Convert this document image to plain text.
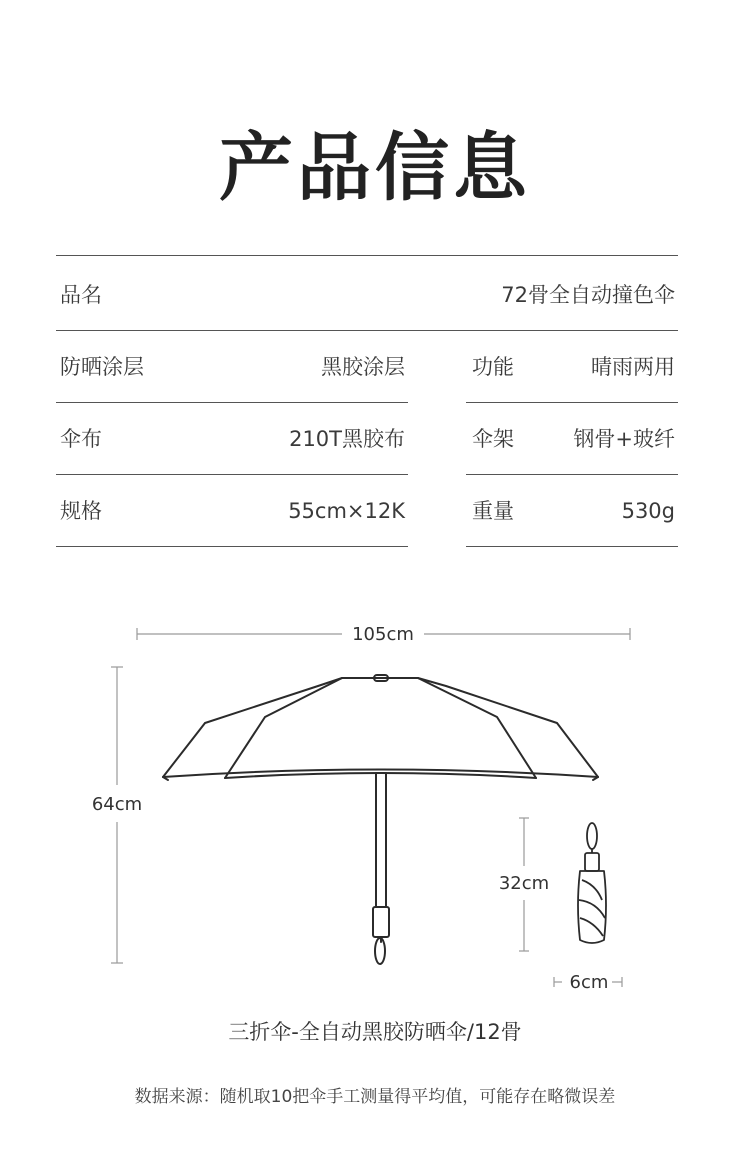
产品信息
品名	72骨全自动撞色伞
防晒涂层	黑胶涂层	功能	晴雨两用
伞布	210T黑胶布	伞架	钢骨+玻纤
规格	55cm×12K	重量	530g
105cm
64cm
32cm
6cm
三折伞-全自动黑胶防晒伞/12骨
数据来源：随机取10把伞手工测量得平均值，可能存在略微误差
